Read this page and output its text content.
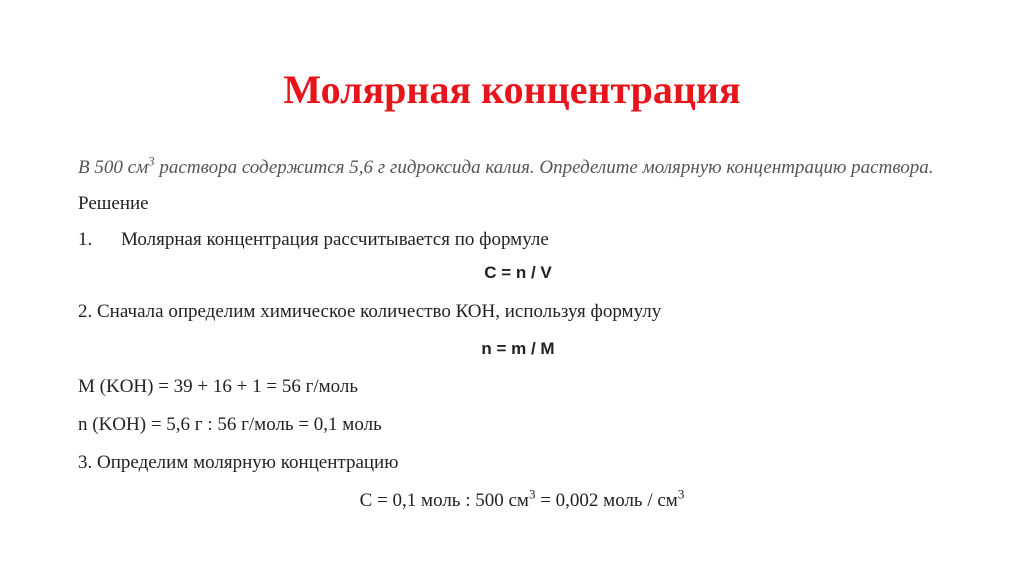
Молярная концентрация

В 500 $см^3$ раствора содержится 5,6 г гидроксида калия. Определите молярную концентрацию раствора.

Решение

1.	Молярная концентрация рассчитывается по формуле

C = n / V

2. Сначала определим химическое количество КОН, используя формулу

n = m / M

M (KOH) = 39 + 16 + 1 = 56 г/моль

n (KOH) = 5,6 г : 56 г/моль = 0,1 моль

3. Определим молярную концентрацию

C = 0,1 моль : 500 $см^3 = 0,002$ моль / $см^3$
